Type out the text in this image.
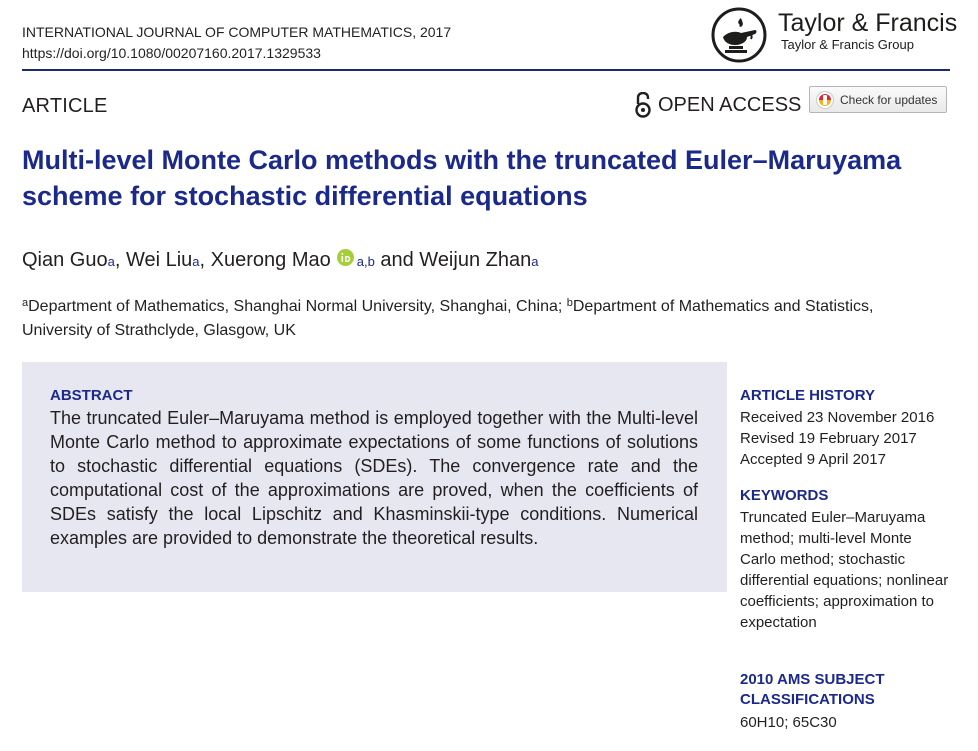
INTERNATIONAL JOURNAL OF COMPUTER MATHEMATICS, 2017
https://doi.org/10.1080/00207160.2017.1329533
Taylor & Francis
Taylor & Francis Group
ARTICLE	OPEN ACCESS	Check for updates
Multi-level Monte Carlo methods with the truncated Euler–Maruyama scheme for stochastic differential equations
Qian Guo a , Wei Liu a , Xuerong Mao $_{a,b}$ and Weijun Zhan a
$^a$Department of Mathematics, Shanghai Normal University, Shanghai, China; $^b$Department of Mathematics and Statistics, University of Strathclyde, Glasgow, UK
ABSTRACT
The truncated Euler–Maruyama method is employed together with the Multi-level Monte Carlo method to approximate expectations of some functions of solutions to stochastic differential equations (SDEs). The convergence rate and the computational cost of the approximations are proved, when the coefficients of SDEs satisfy the local Lipschitz and Khasminskii-type conditions. Numerical examples are provided to demonstrate the theoretical results.
ARTICLE HISTORY
Received 23 November 2016
Revised 19 February 2017
Accepted 9 April 2017
KEYWORDS
Truncated Euler–Maruyama method; multi-level Monte Carlo method; stochastic differential equations; nonlinear coefficients; approximation to expectation
2010 AMS SUBJECT CLASSIFICATIONS
60H10; 65C30
